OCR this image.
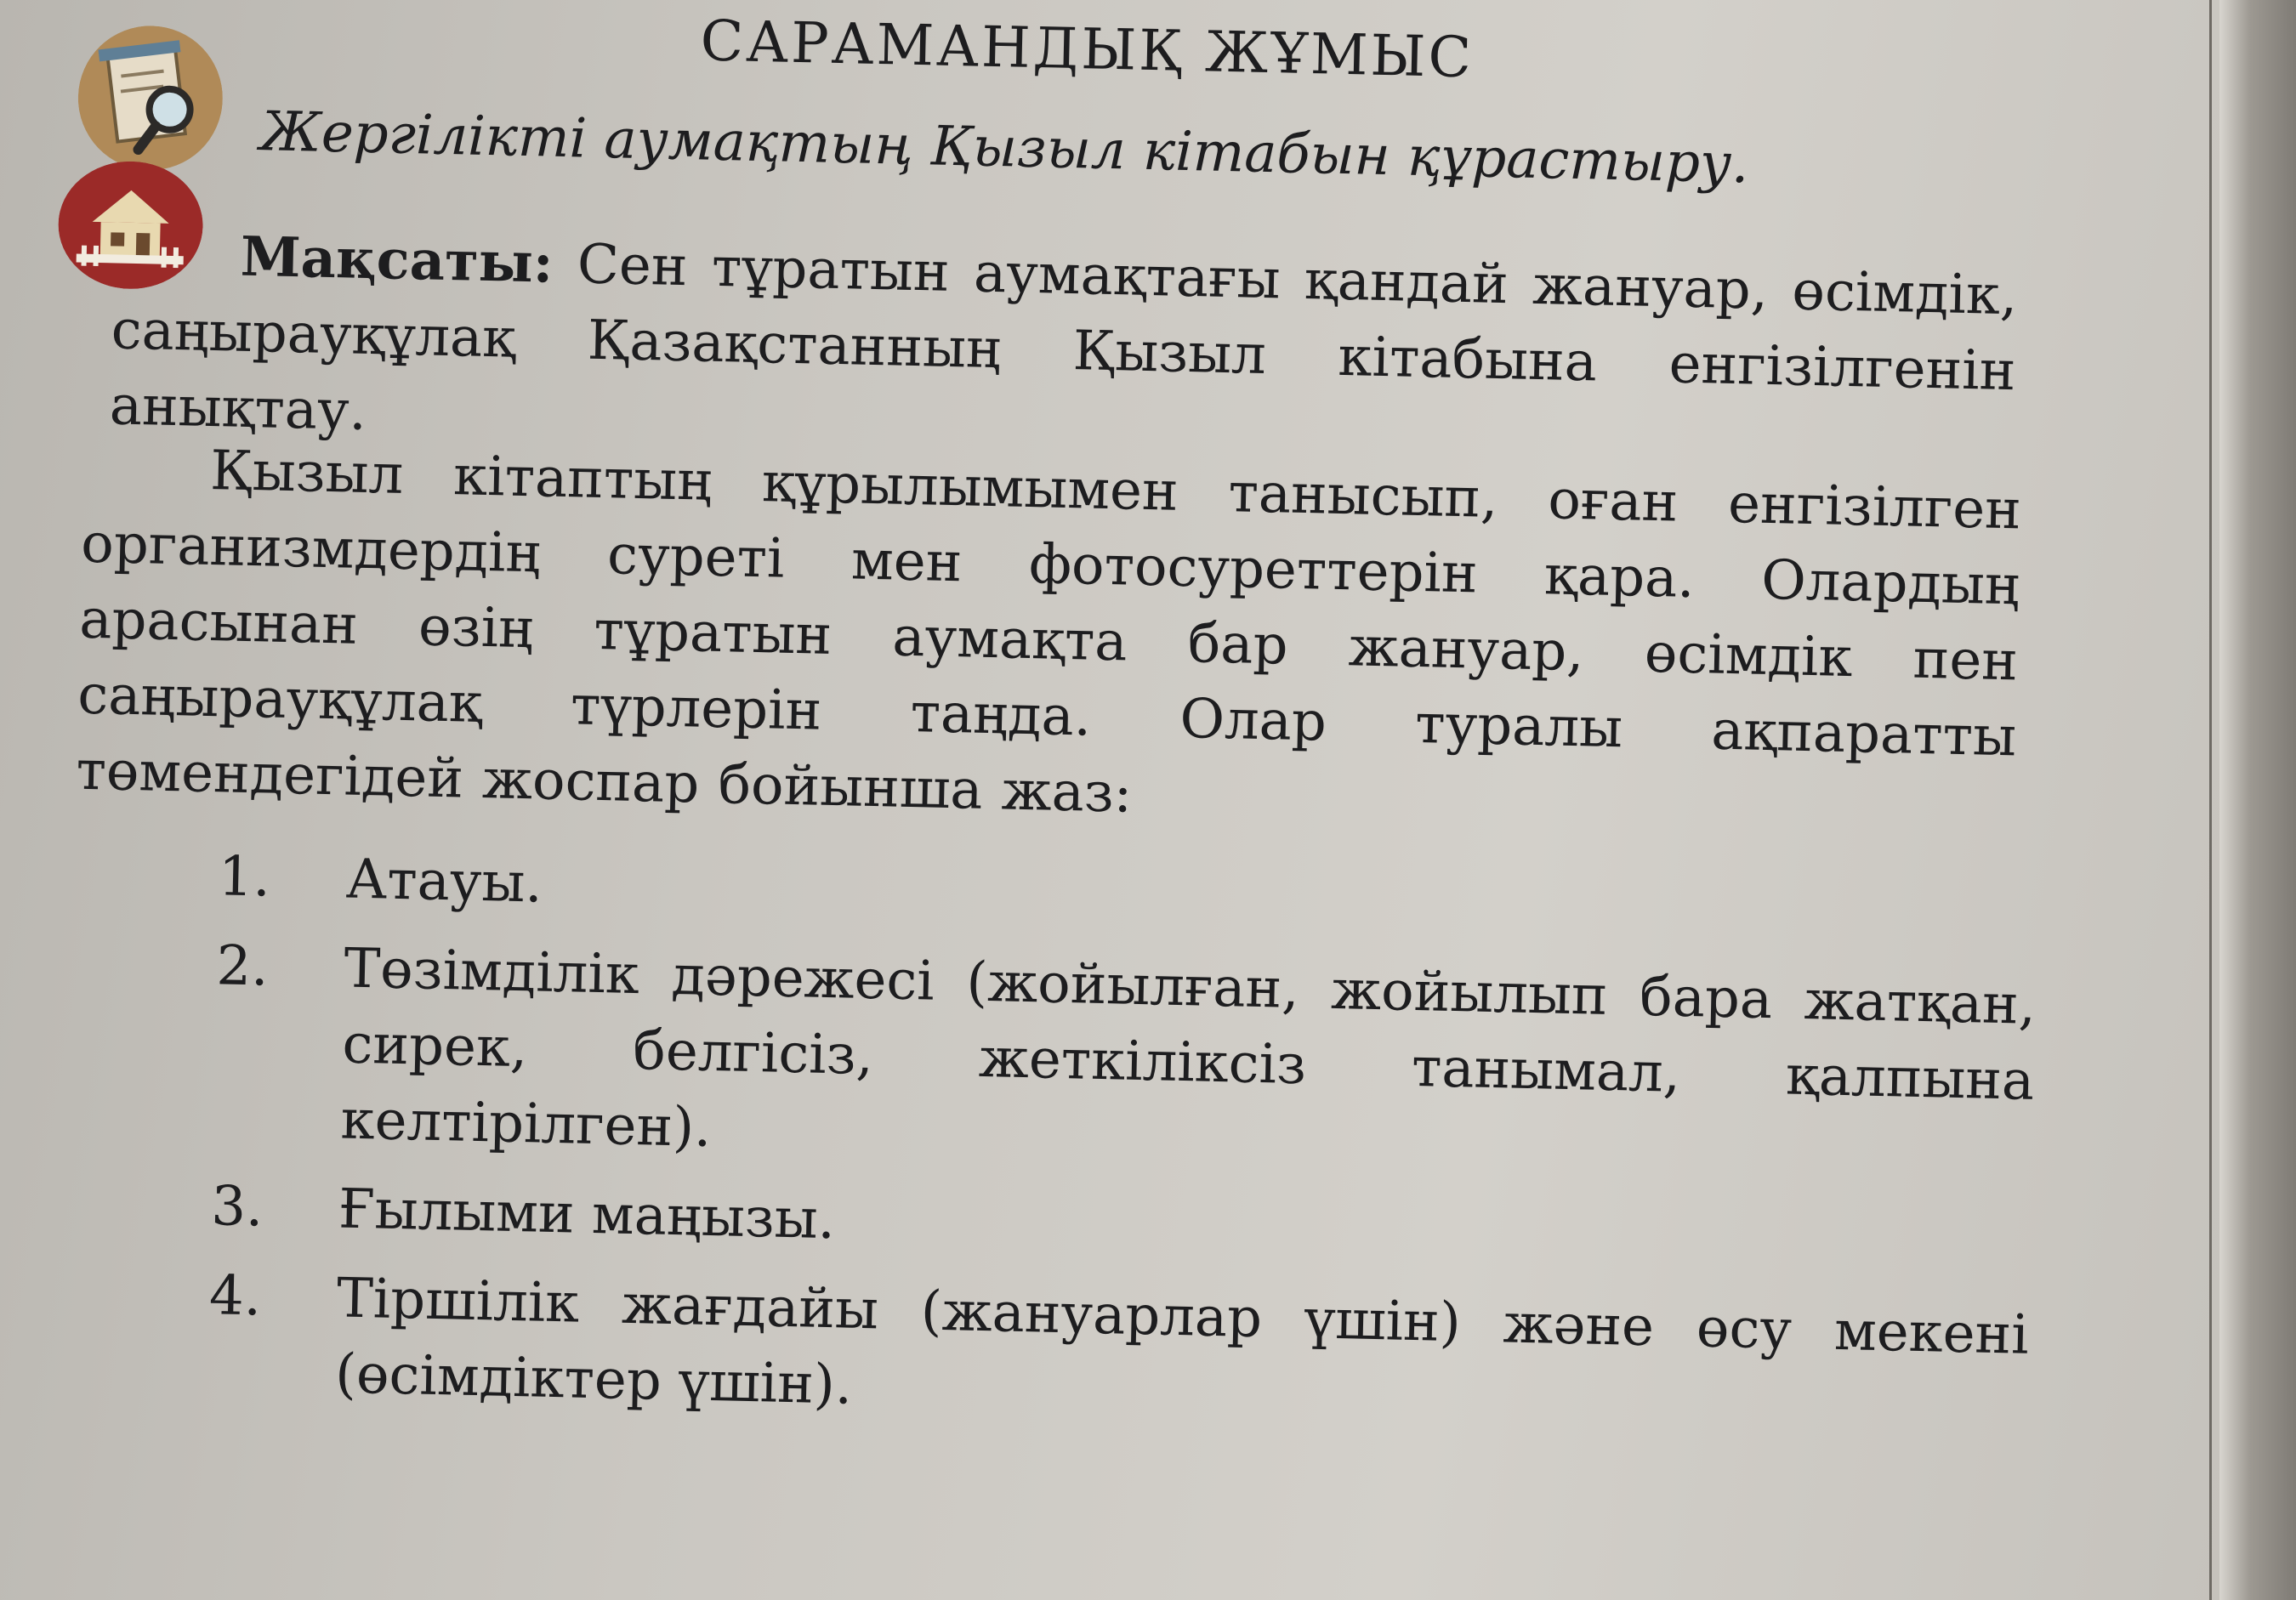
САРАМАНДЫҚ ЖҰМЫС
Жергілікті аумақтың Қызыл кітабын құрастыру.
Мақсаты: Сен тұратын аумақтағы қандай жануар, өсімдік, саңырауқұлақ Қазақстанның Қызыл кітабына енгізілгенін анықтау.
Қызыл кітаптың құрылымымен танысып, оған енгізілген организмдердің суреті мен фотосуреттерін қара. Олардың арасынан өзің тұратын аумақта бар жануар, өсімдік пен саңырауқұлақ түрлерін таңда. Олар туралы ақпаратты төмендегідей жоспар бойынша жаз:
1. Атауы.
2. Төзімділік дәрежесі (жойылған, жойылып бара жатқан, сирек, белгісіз, жеткіліксіз танымал, қалпына келтірілген).
3. Ғылыми маңызы.
4. Тіршілік жағдайы (жануарлар үшін) және өсу мекені (өсімдіктер үшін).
